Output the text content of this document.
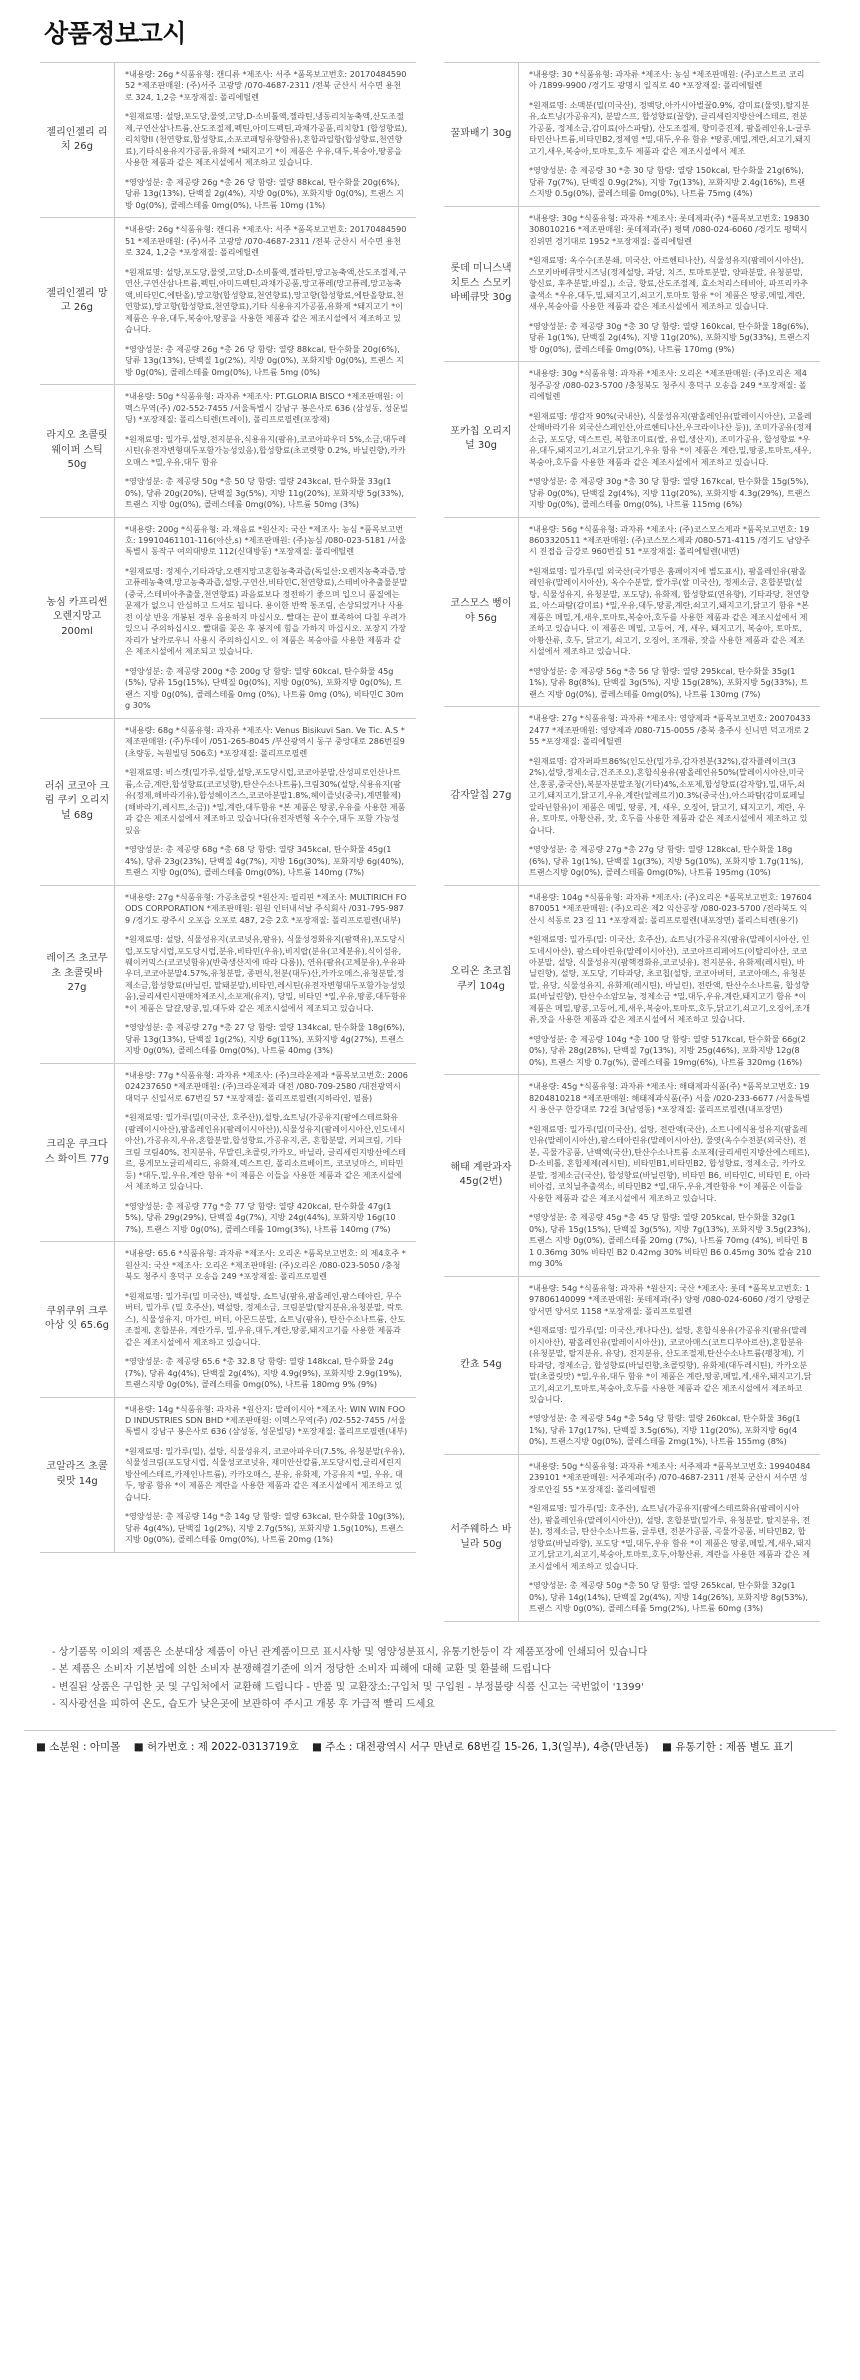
상품정보고시
젤리인젤리 리치 26g

*내용량: 26g *식품유형: 캔디류 *제조사: 서주 *품목보고번호: 2017048459052 *제조판매원: (주)서주 고광망 /070-4687-2311 /전북 군산시 서수면 용천로 324, 1,2층 *포장재질: 폴리에틸렌

*원재료명: 설탕,포도당,물엿,고당,D-소비톨액,젤라틴,냉동리치농축액,산도조절제,구연산삼나트륨,산도조절제,펙틴,아미드펙틴,과채가공품,리치향1 (합성향료),리치향II (천연향료,합성향료,소포코패팅유향함유),혼합과일항(합성향료,천연향료),기타식용유지가공품,유화제 *돼지고기 *이 제품은 우유,대두,복숭아,땅콩을 사용한 제품과 같은 제조시설에서 제조하고 있습니다.

*영양성분: 총 제공량 26g *총 26 당 함량: 열량 88kcal, 탄수화물 20g(6%), 당류 13g(13%), 단백질 2g(4%), 지방 0g(0%), 포화지방 0g(0%), 트랜스 지방 0g(0%), 콜레스테롤 0mg(0%), 나트륨 10mg (1%)

젤리인젤리 망고 26g

*내용량: 26g *식품유형: 캔디류 *제조사: 서주 *품목보고번호: 2017048459051 *제조판매원: (주)서주 고광망 /070-4687-2311 /전북 군산시 서수면 용천로 324, 1,2층 *포장재질: 폴리에틸렌

*원재료명: 설탕,포도당,물엿,고당,D-소비톨액,젤라틴,망고농축액,산도조절제,구연산,구연산삼나트륨,펙틴,아미드펙틴,과채가공품,망고퓨레(망고퓨레,망고농축액,비타민C,에탄올),망고향(합성향료,천연향료),망고향(합성향료,에탄올향료,천연향료),망고향(합성향료,천연향료),기타 식용유지가공품,유화제 *돼지고기 *이 제품은 우유,대두,복숭아,땅콩을 사용한 제품과 같은 제조시설에서 제조하고 있습니다.

*영양성분: 총 제공량 26g *총 26 당 함량: 열량 88kcal, 탄수화물 20g(6%), 당류 13g(13%), 단백질 1g(2%), 지방 0g(0%), 포화지방 0g(0%), 트랜스 지방 0g(0%), 콜레스테롤 0mg(0%), 나트륨 5mg (0%)

라지오 초콜릿 웨이퍼 스틱 50g

*내용량: 50g *식품유형: 과자류 *제조사: PT.GLORIA BISCO *제조판매원: 이멕스무역(주) /02-552-7455 /서울특별시 강남구 봉은사로 636 (삼성동, 성문빌딩) *포장재질: 폴리스티렌(트레이), 폴리프로필렌(포장재)

*원재료명: 밀가루,설탕,전지분유,식용유지(팜유),코코아파우더 5%,소금,대두레시틴(유전자변형대두포함가능성있음),합성향료(초코렛향 0.2%, 바닐린향),카카오매스 *밀,우유,대두 함유

*영양성분: 총 제공량 50g *총 50 당 함량: 열량 243kcal, 탄수화물 33g(10%), 당류 20g(20%), 단백질 3g(5%), 지방 11g(20%), 포화지방 5g(33%), 트랜스 지방 0g(0%), 콜레스테롤 0mg(0%), 나트륨 50mg (3%)

농심 카프리썬 오렌지망고 200ml

*내용량: 200g *식품유형: 과.채음료 *원산지: 국산 *제조사: 농심 *품목보고번호: 19910461101-116(아산,s) *제조판매원: (주)농심 /080-023-5181 /서울특별시 동작구 여의대방로 112(신대방동) *포장재질: 폴리에틸렌

*원재료명: 정제수,기타과당,오렌지망고혼합농축과즙(독일산:오렌지농축과즙,망고퓨레농축액,망고농축과즙,설탕,구연산,비타민C,천연향료),스테비아추출물분말(중국,스테비아추출물,천연향료) 과음료보다 정전하기 좋으며 입으니 품질에는 문제가 없으니 안심하고 드셔도 됩니다. 용이한 반짝 통조림, 손상되었거나 사용 전 이상 반응 개봉된 경우 음용하지 마십시오. 빨대는 끝이 뾰족하여 다칠 우려가 있으니 주의하십시오. 빨대를 꽂은 후 봉지에 힘을 가하지 마십시오. 포장지 가장 자리가 날카로우니 사용시 주의하십시오. 이 제품은 복숭아를 사용한 제품과 같은 제조시설에서 제조되고 있습니다.

*영양성분: 총 제공량 200g *총 200g 당 함량: 열량 60kcal, 탄수화물 45g(5%), 당류 15g(15%), 단백질 0g(0%), 지방 0g(0%), 포화지방 0g(0%), 트랜스 지방 0g(0%), 콜레스테롤 0mg (0%), 나트륨 0mg (0%), 비타민C 30mg 30%

러쉬 코코아 크림 쿠키 오리지널 68g

*내용량: 68g *식품유형: 과자류 *제조사: Venus Bisikuvi San. Ve Tic. A.S *제조판매원: (주)투데이 /051-265-8045 /부산광역시 동구 중앙대로 286번길9(초량동, 녹원빌딩 506호) *포장재질: 폴리프로필렌

*원재료명: 비스켓(밀가루,설탕,설탕,포도당시럽,코코아분말,산성피로인산나트륨,소금,계란,합성향료(코코넛향),탄산수소나트륨),크림30%(설탕,식용유지(팜유(정제,해바라기유),합성혜이즈스,코코아분말1.8%,헤이즐넛(중국),계면활제)(해바라기,레시트,소금)) *밀,계란,대두함유 *본 제품은 땅콩,우유를 사용한 제품과 같은 제조시설에서 제조하고 있습니다(유전자변형 옥수수,대두 포함 가능성 있음

*영양성분: 총 제공량 68g *총 68 당 함량: 열량 345kcal, 탄수화물 45g(14%), 당류 23g(23%), 단백질 4g(7%), 지방 16g(30%), 포화지방 6g(40%), 트랜스 지방 0g(0%), 콜레스테롤 0mg(0%), 나트륨 140mg (7%)

레이즈 초코무초 초콜릿바 27g

*내용량: 27g *식품유형: 가공초콜릿 *원산지: 필리핀 *제조사: MULTIRICH FOODS CORPORATION *제조판매원: 원원 인터내셔날 주식회사 /031-795-9879 /경기도 광주시 오포읍 오포로 487, 2층 2호 *포장재질: 폴리프로필렌(내부)

*원재료명: 설탕, 식물성유지(코코넛유,팜유), 식물성경화유지(팜핵유),포도당시럽,포도당시럽,포도당시럽,분유,비타민(우유),비지랍(분유(고체분유),식이섬유,웨이커믹스(코코넛함유)(반죽생산지에 따라 다름)), 연유(팜유(고체분유),우유파우더,코코아분말4.57%,유청분말, 종편식,천분(대두)산,카카오메스,유청분말,정제소금,합성향료(바닐린, 말돼분말),비타민,레시틴(유전자변형대두포함가능성있음),글리세린시판매차제조시,소포제(유지), 당밀, 비타민 *밀,우유,땅콩,대두함유 *이 제품은 달걀,땅콩,밀,대두와 같은 제조시설에서 제조되고 있습니다.

*영양성분: 총 제공량 27g *총 27 당 함량: 열량 134kcal, 탄수화물 18g(6%), 당류 13g(13%), 단백질 1g(2%), 지방 6g(11%), 포화지방 4g(27%), 트랜스 지방 0g(0%), 콜레스테롤 0mg(0%), 나트륨 40mg (3%)

크리운 쿠크다스 화이트 77g

*내용량: 77g *식품유형: 과자류 *제조사: (주)크라운제과 *품목보고번호: 2006024237650 *제조판매원: (주)크라운제과 대전 /080-709-2580 /대전광역시 대덕구 신일서로 67번길 57 *포장재질: 폴리프로필렌(지하라인, 필름)

*원재료명: 밀가루(밀(미국산, 호주산)),설탕,쇼트닝(가공유지(팜에스테르화유(팜레이시아산),팜올레인유)(팜레이시아산)),식물성유지(팜레이시아산,인도네시아산),가공유지,우유,혼합분말,합성향료,가공유지,콘, 혼합분말, 커피크림, 기타크림 크림40%, 전지분유, 무말린,초콜릿,카카오, 바닐라, 글리세린지방산에스테르, 뭉게모노글리세리드, 유화제,덱스트린, 폴리소르베이트, 코코넛마스, 비타민 등) *대두,밀,우유,계란 함유 *이 제품은 이들을 사용한 제품과 같은 제조시설에서 제조하고 있습니다.

*영양성분: 총 제공량 77g *총 77 당 함량: 열량 420kcal, 탄수화물 47g(15%), 당류 29g(29%), 단백질 4g(7%), 지방 24g(44%), 포화지방 16g(107%), 트랜스 지방 0g(0%), 콜레스테롤 10mg(3%), 나트륨 140mg (7%)

쿠위쿠위 크루아상 잇 65.6g

*내용량: 65.6 *식품유형: 과자류 *제조사: 오리온 *품목보고번호: 의 제4호주 *원산지: 국산 *제조사: 오리온 *제조판매원: (주)오리온 /080-023-5050 /충청북도 청주시 흥덕구 오송읍 249 *포장재질: 폴리프로필렌

*원재료명: 밀가루(밀 미국산), 백설탕, 쇼트닝(팜유,팜올레인,팜스테아린, 무수버터, 밀가루 (밀 호주산), 백설탕, 정제소금, 크림분말(탈지분유,유청분말, 락토스), 식물성유지, 마가린, 버터, 아몬드분말, 쇼트닝(팜유), 탄산수소나트륨, 산도조절제, 혼합분유, 계란가루, 밀,우유,대두,계란,땅콩,돼지고기를 사용한 제품과 같은 제조시설에서 제조하고 있습니다.

*영양성분: 총 제공량 65.6 *총 32.8 당 함량: 열량 148kcal, 탄수화물 24g(7%), 당류 4g(4%), 단백질 2g(4%), 지방 4.9g(9%), 포화지방 2.9g(19%), 트랜스지방 0g(0%), 콜레스테롤 0mg(0%), 나트륨 180mg 9% (9%)

코알라즈 초콜릿맛 14g

*내용량: 14g *식품유형: 과자류 *원산지: 말레이시아 *제조사: WIN WIN FOOD INDUSTRIES SDN BHD *제조판매원: 이멕스무역(주) /02-552-7455 /서울특별시 강남구 봉은사로 636 (삼성동, 성문빌딩) *포장재질: 폴리프로필렌(내부)

*원재료명: 밀가루(밀), 설탕, 식물성유지, 코코아파우더(7.5%, 유청분말(우유), 식물성크림(포도당시럽, 식물성코코넛유, 재미안산칼륨,포도당시럽,글리세린지방산에스테르,카제인나트륨), 카카오매스, 분유, 유화제, 가공유지 *밀, 우유, 대두, 땅콩 함유 *이 제품은 계란을 사용한 제품과 같은 제조시설에서 제조하고 있습니다.

*영양성분: 총 제공량 14g *총 14g 당 함량: 열량 63kcal, 탄수화물 10g(3%), 당류 4g(4%), 단백질 1g(2%), 지방 2.7g(5%), 포화지방 1.5g(10%), 트랜스 지방 0g(0%), 콜레스테롤 0mg(0%), 나트륨 20mg (1%)

꿀꽈배기 30g

*내용량: 30 *식품유형: 과자류 *제조사: 농심 *제조판매원: (주)코스트코 코리아 /1899-9900 /경기도 광명시 일직로 40 *포장재질: 폴리에틸렌

*원재료명: 소맥분(밀(미국산), 정백당,아카시아벌꿀0.9%, 감미료(물엿),탈지분유,쇼트닝(가공유지), 분말스프, 합성향료(꿀향), 글리세린지방산에스테르, 전분가공품, 정제소금,감미료(아스파탐), 산도조절제, 향미증진제, 팜올레인유,L-글루타민산나트륨,비타민B2,정제염 *밀,대두,우유 함유 *땅콩,메밀,계란,쇠고기,돼지고기,새우,복숭아,토마토,호두 제품과 같은 제조시설에서 제조

*영양성분: 총 제공량 30 *총 30 당 함량: 열량 150kcal, 탄수화물 21g(6%), 당류 7g(7%), 단백질 0.9g(2%), 지방 7g(13%), 포화지방 2.4g(16%), 트랜스지방 0.5g(0%), 콜레스테롤 0mg(0%), 나트륨 75mg (4%)

롯데 미니스낵 치토스 스모키바베큐맛 30g

*내용량: 30g *식품유형: 과자류 *제조사: 롯데제과(주) *품목보고번호: 19830308010216 *제조판매원: 롯데제과(주) 평택 /080-024-6060 /경기도 평택시 진위면 경기대로 1952 *포장재질: 폴리에틸렌

*원재료명: 옥수수(조분쇄, 미국산, 아르헨티나산), 식물성유지(팜레이시아산), 스모키바베큐맛시즈닝(정제설탕, 과당, 치즈, 토마토분말, 양파분말, 유청분말, 향신료, 후추분말,바질,), 소금, 향료,산도조절제, 효소처리스테비아, 파프리카추출색소 *우유,대두,밀,돼지고기,쇠고기,토마토 함유 *이 제품은 땅콩,메밀,계란,새우,복숭아를 사용한 제품과 같은 제조시설에서 제조하고 있습니다.

*영양성분: 총 제공량 30g *총 30 당 함량: 열량 160kcal, 탄수화물 18g(6%), 당류 1g(1%), 단백질 2g(4%), 지방 11g(20%), 포화지방 5g(33%), 트랜스지방 0g(0%), 콜레스테롤 0mg(0%), 나트륨 170mg (9%)

포카칩 오리지널 30g

*내용량: 30g *식품유형: 과자류 *제조사: 오리온 *제조판매원: (주)오리온 제4 청주공장 /080-023-5700 /충청북도 청주시 흥덕구 오송읍 249 *포장재질: 폴리에틸렌

*원재료명: 생감자 90%(국내산), 식물성유지(팜올레인유(말레이시아산), 고올레산해바라기유 외국산스페인산,아르헨티나산,우크라이나산 등)), 조미가공유(정제소금, 포도당, 덱스트린, 복합조미료(쌀, 유럽,생산지), 조미가공유, 합성향료 *우유,대두,돼지고기,쇠고기,닭고기,우유 함유 *이 제품은 계란,밀,땅콩,토마토,새우,복숭아,호두를 사용한 제품과 같은 제조시설에서 제조하고 있습니다.

*영양성분: 총 제공량 30g *총 30 당 함량: 열량 167kcal, 탄수화물 15g(5%), 당류 0g(0%), 단백질 2g(4%), 지방 11g(20%), 포화지방 4.3g(29%), 트랜스지방 0g(0%), 콜레스테롤 0mg(0%), 나트륨 115mg (6%)

코스모스 뻥이야 56g

*내용량: 56g *식품유형: 과자류 *제조사: (주)코스모스제과 *품목보고번호: 198603320511 *제조판매원: (주)코스모스제과 /080-571-4115 /경기도 남양주시 진접읍 금강로 960번길 51 *포장재질: 폴리에틸렌(내면)

*원재료명: 밀가루(밀 외국산(국가명은 홈페이지에 별도표시), 팜올레인유(팜올레인유(말레이시아산), 옥수수분말, 쌀가루(쌀 미국산), 정제소금, 혼합분말(설탕, 식물성유지, 유청분말, 포도당), 유화제, 합성향료(연유향), 기타과당, 천연향료, 아스파탐(감미료) *밀,우유,대두,땅콩,계란,쇠고기,돼지고기,닭고기 함유 *본 제품은 메밀,게,새우,토마토,복숭아,호두를 사용한 제품과 같은 제조시설에서 제조하고 있습니다. 이 제품은 메밀, 고등어, 게, 새우, 돼지고기, 복숭아, 토마토, 아황산류, 호두, 닭고기, 쇠고기, 오징어, 조개류, 잣을 사용한 제품과 같은 제조시설에서 제조하고 있습니다.

*영양성분: 총 제공량 56g *총 56 당 함량: 열량 295kcal, 탄수화물 35g(11%), 당류 8g(8%), 단백질 3g(5%), 지방 15g(28%), 포화지방 5g(33%), 트랜스 지방 0g(0%), 콜레스테롤 0mg(0%), 나트륨 130mg (7%)

감자알칩 27g

*내용량: 27g *식품유형: 과자류 *제조사: 영양제과 *품목보고번호: 200704332477 *제조판매원: 영양제과 /080-715-0055 /충북 충주시 신니면 덕고개로 255 *포장재질: 폴리에틸렌

*원재료명: 감자퍼파트86%(인도산(밀가루,감자전분(32%),감자플레이크(32%),설탕,정제소금,건조조오),혼합식용유(팜올레인유50%(말레이시아산,미국산,홍콩,중국산),복분자분말조청(기타)4%,소포제,합성향료(감자향),밀,대두,쇠고기,돼지고기,닭고기,우유,계란(알레르기)0.3%(중국산),아스파탐(감미료페닐알라닌함유)이 제품은 메밀, 땅콩, 게, 새우, 오징어, 닭고기, 돼지고기, 계란, 우유, 토마토, 아황산류, 잣, 호두를 사용한 제품과 같은 제조시설에서 제조하고 있습니다.

*영양성분: 총 제공량 27g *총 27g 당 함량: 열량 128kcal, 탄수화물 18g(6%), 당류 1g(1%), 단백질 1g(3%), 지방 5g(10%), 포화지방 1.7g(11%), 트랜스지방 0g(0%), 콜레스테롤 0mg(0%), 나트륨 195mg (10%)

오리온 초코칩쿠키 104g

*내용량: 104g *식품유형: 과자류 *제조사: (주)오리온 *품목보고번호: 197604870051 *제조판매원: (주)오리온 제2 익산공장 /080-023-5700 /전라북도 익산시 석동로 23 길 11 *포장재질: 폴리프로필렌(내포장면) 폴리스티렌(용기)

*원재료명: 밀가루(밀: 미국산, 호주산), 쇼트닝(가공유지(팜유(말레이시아산, 인도네시아산), 팜스테아린유(말레이시아산), 코코아프리페어드(이탈리아산, 코코아분말, 설탕, 식물성유지(팜핵경화유,코코넛유), 전지분유, 유화제(레시틴), 바닐린향), 설탕, 포도당, 기타과당, 초코칩(설탕, 코코아버터, 코코아매스, 유청분말, 유당, 식물성유지, 유화제(레시틴), 바닐린), 전란액, 탄산수소나트륨, 합성향료(바닐린향), 탄산수소암모늄, 정제소금 *밀,대두,우유,계란,돼지고기 함유 *이 제품은 메밀,땅콩,고등어,게,새우,복숭아,토마토,호두,닭고기,쇠고기,오징어,조개류,잣을 사용한 제품과 같은 제조시설에서 제조하고 있습니다.

*영양성분: 총 제공량 104g *총 100 당 함량: 열량 517kcal, 탄수화물 66g(20%), 당류 28g(28%), 단백질 7g(13%), 지방 25g(46%), 포화지방 12g(80%), 트랜스 지방 0.7g(%), 콜레스테롤 19mg(6%), 나트륨 320mg (16%)

해태 계란과자 45g(2번)

*내용량: 45g *식품유형: 과자류 *제조사: 해태제과식품(주) *품목보고번호: 198204810218 *제조판매원: 해태제과식품(주) 서울 /020-233-6677 /서울특별시 용산구 한강대로 72길 3(남영동) *포장재질: 폴리프로필렌(내포장면)

*원재료명: 밀가루(밀(미국산), 설탕, 전란액(국산), 소트니에식용성유지(팜올레인유(말레이시아산),팜스테아린유(말레이시아산), 물엿(옥수수전분(외국산), 전분, 곡물가공품, 난백액(국산),탄산수소나트륨 소포제(글리세린지방산에스테르),D-소비톨, 혼합제제(레시틴), 비타민B1,비타민B2, 합성향료, 정제소금, 카카오분말, 정제소금(국산), 합성향료(바닐린향), 비타민 B6, 비타민C, 비타민 E, 아라비아검, 코치닐추출색소, 비타민B2 *밀,대두,우유,계란함유 *이 제품은 이들을 사용한 제품과 같은 제조시설에서 제조하고 있습니다.

*영양성분: 총 제공량 45g *총 45 당 함량: 열량 205kcal, 탄수화물 32g(10%), 당류 15g(15%), 단백질 3g(5%), 지방 7g(13%), 포화지방 3.5g(23%), 트랜스 지방 0g(0%), 콜레스테롤 20mg (7%), 나트륨 70mg (4%), 비타민 B1 0.36mg 30% 비타민 B2 0.42mg 30% 비타민 B6 0.45mg 30% 칼슘 210mg 30%

칸쵸 54g

*내용량: 54g *식품유형: 과자류 *원산지: 국산 *제조사: 롯데 *품목보고번호: 197806140099 *제조판매원: 롯데제과(주) 양평 /080-024-6060 /경기 양평군 양서면 양서로 1158 *포장재질: 폴리프로필렌

*원재료명: 밀가루(밀: 미국산,캐나다산), 설탕, 혼합식용유(가공유지(팜유(말레이시아산), 팜올레인유(말레이시아산)), 코코아매스(코트디부아르산),혼합분유(유청분말, 탈지분유, 유당), 전지분유, 산도조절제,탄산수소나트륨(팽창제), 기타과당, 정제소금, 합성향료(바닐린향,초콜릿향), 유화제(대두레시틴), 카카오분말(초콜릿맛) *밀,우유,대두 함유 *이 제품은 계란,땅콩,메밀,게,새우,돼지고기,닭고기,쇠고기,토마토,복숭아,호두를 사용한 제품과 같은 제조시설에서 제조하고 있습니다.

*영양성분: 총 제공량 54g *총 54g 당 함량: 열량 260kcal, 탄수화물 36g(11%), 당류 17g(17%), 단백질 3.5g(6%), 지방 11g(20%), 포화지방 6g(40%), 트랜스지방 0g(0%), 콜레스테롤 2mg(1%), 나트륨 155mg (8%)

서주웨하스 바닐라 50g

*내용량: 50g *식품유형: 과자류 *제조사: 서주제과 *품목보고번호: 19940484239101 *제조판매원: 서주제과(주) /070-4687-2311 /전북 군산시 서수면 성장로안길 55 *포장재질: 폴리에틸렌

*원재료명: 밀가루(밀: 호주산), 쇼트닝(가공유지(팜에스테르화유(팜레이시아산), 팜올레인유(말레이시아산)), 설탕, 혼합분말(밀가루, 유청분말, 탈지분유, 전분), 정제소금, 탄산수소나트륨, 글루텐, 전분가공품, 곡물가공품, 비타민B2, 합성향료(바닐라향), 포도당 *밀,대두,우유 함유 *이 제품은 땅콩,메밀,게,새우,돼지고기,닭고기,쇠고기,복숭아,토마토,호두,아황산류, 계란을 사용한 제품과 같은 제조시설에서 제조하고 있습니다.

*영양성분: 총 제공량 50g *총 50 당 함량: 열량 265kcal, 탄수화물 32g(10%), 당류 14g(14%), 단백질 2g(4%), 지방 14g(26%), 포화지방 8g(53%), 트랜스 지방 0g(0%), 콜레스테롤 5mg(2%), 나트륨 60mg (3%)

- 상기품목 이외의 제품은 소분대상 제품이 아닌 관계품이므로 표시사항 및 영양성분표시, 유통기한등이 각 제품포장에 인쇄되어 있습니다
- 본 제품은 소비자 기본법에 의한 소비자 분쟁해결기준에 의거 정당한 소비자 피해에 대해 교환 및 환불해 드립니다
- 변질된 상품은 구입한 곳 및 구입처에서 교환해 드립니다 - 반품 및 교환장소:구입처 및 구입원 - 부정불량 식품 신고는 국번없이 '1399'
- 직사광선을 피하여 온도, 습도가 낮은곳에 보관하여 주시고 개봉 후 가급적 빨리 드세요
■ 소분원 : 아미몰 ■ 허가번호 : 제 2022-0313719호 ■ 주소 : 대전광역시 서구 만년로 68번길 15-26, 1,3(일부), 4층(만년동) ■ 유통기한 : 제품 별도 표기
